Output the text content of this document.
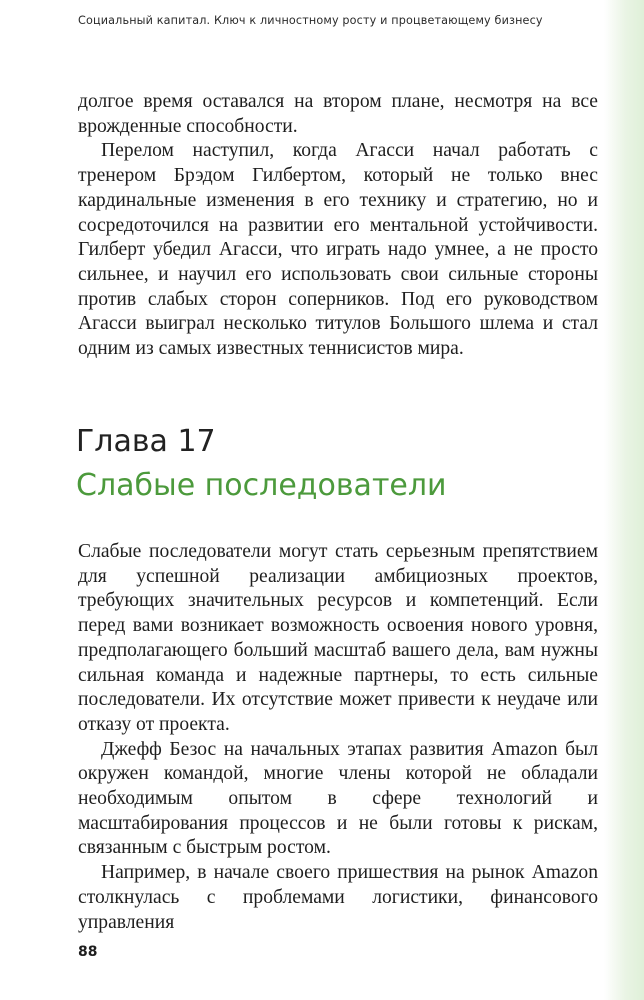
Социальный капитал. Ключ к личностному росту и процветающему бизнесу

долгое время оставался на втором плане, несмотря на все врожденные способности.

Перелом наступил, когда Агасси начал работать с тренером Брэдом Гилбертом, который не только внес кардинальные изменения в его технику и стратегию, но и сосредоточился на развитии его ментальной устойчивости. Гилберт убедил Агасси, что играть надо умнее, а не просто сильнее, и научил его использовать свои сильные стороны против слабых сторон соперников. Под его руководством Агасси выиграл несколько титулов Большого шлема и стал одним из самых известных теннисистов мира.

Глава 17
Слабые последователи

Слабые последователи могут стать серьезным препятствием для успешной реализации амбициозных проектов, требующих значительных ресурсов и компетенций. Если перед вами возникает возможность освоения нового уровня, предполагающего больший масштаб вашего дела, вам нужны сильная команда и надежные партнеры, то есть сильные последователи. Их отсутствие может привести к неудаче или отказу от проекта.

Джефф Безос на начальных этапах развития Amazon был окружен командой, многие члены которой не обладали необходимым опытом в сфере технологий и масштабирования процессов и не были готовы к рискам, связанным с быстрым ростом.

Например, в начале своего пришествия на рынок Amazon столкнулась с проблемами логистики, финансового управления

88
